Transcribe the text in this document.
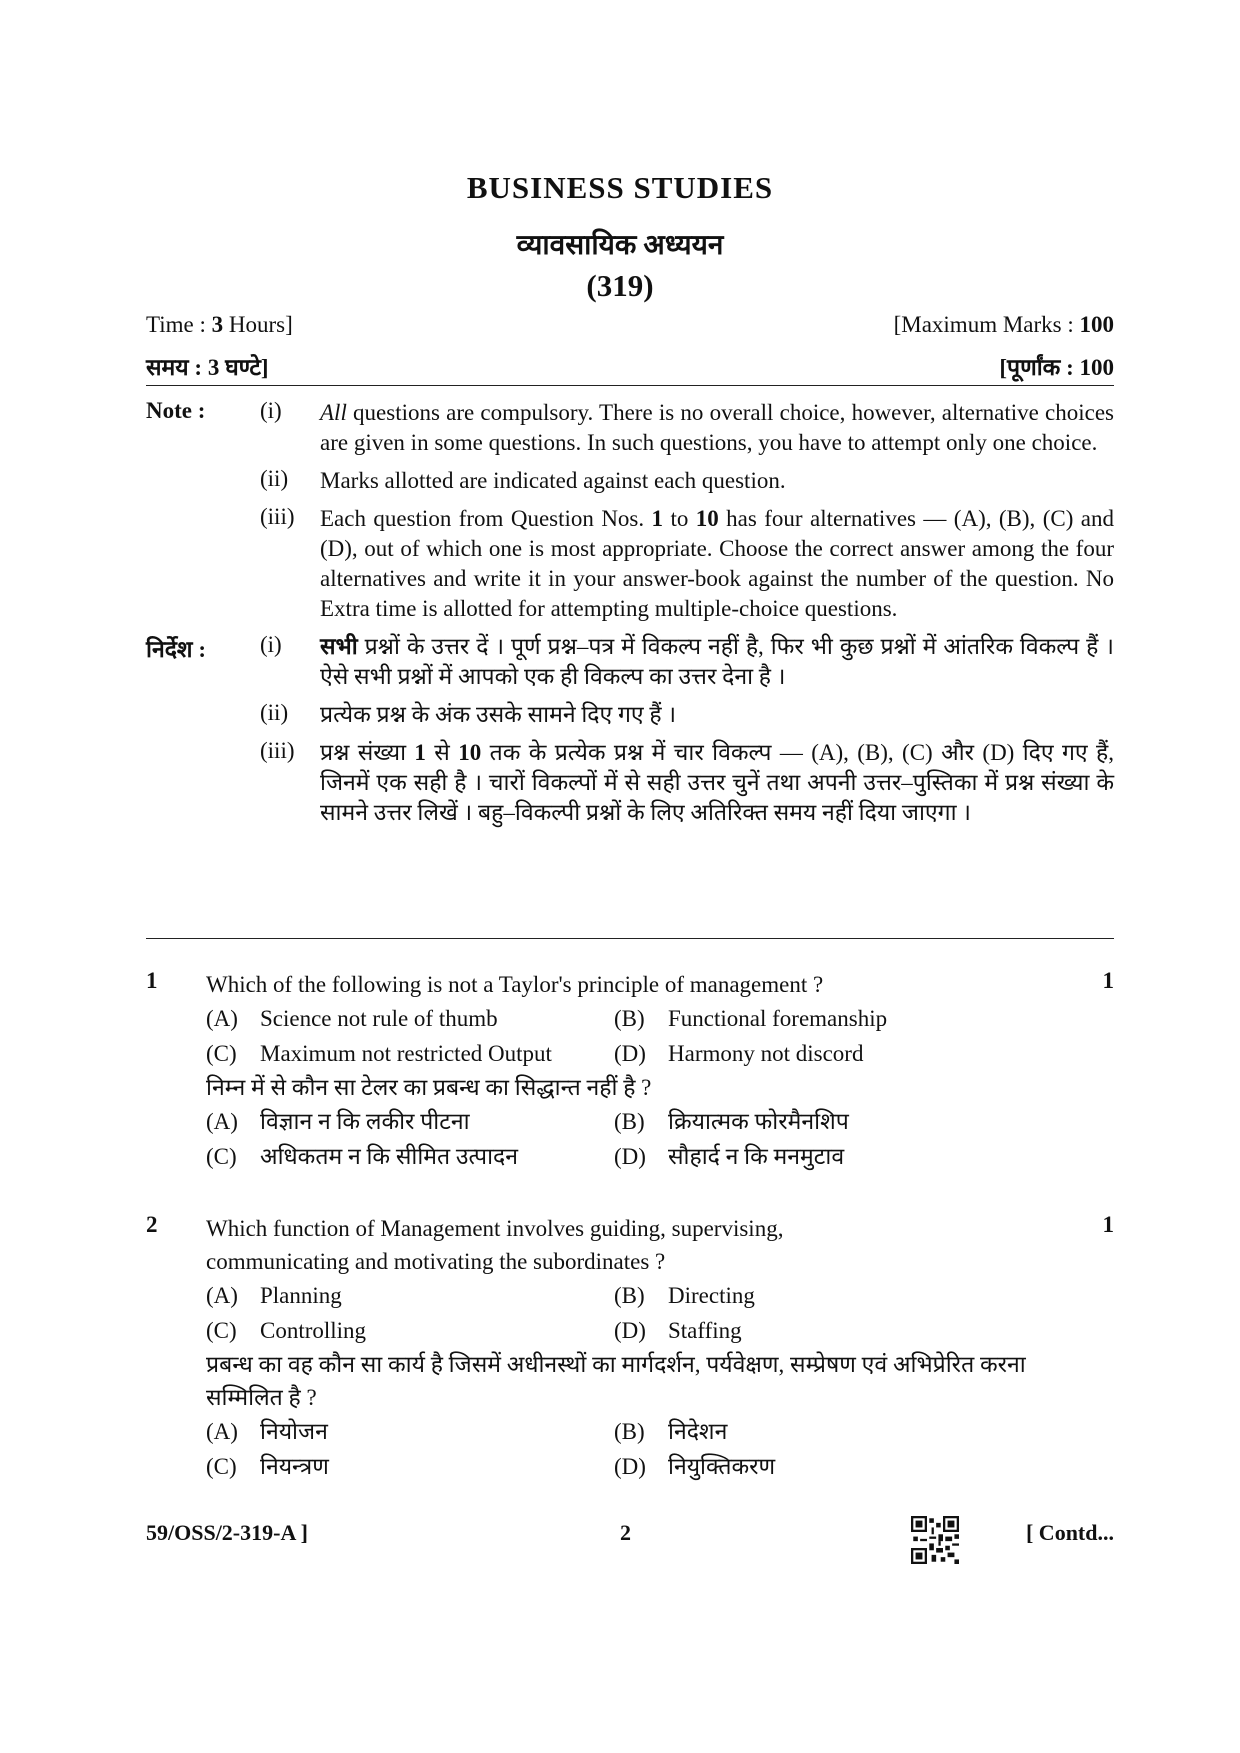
BUSINESS STUDIES
व्यावसायिक अध्ययन
(319)
Time : 3 Hours]	[Maximum Marks : 100
समय : 3 घण्टे]	[पूर्णांक : 100
Note :	(i)	All questions are compulsory. There is no overall choice, however, alternative choices are given in some questions. In such questions, you have to attempt only one choice.
(ii)	Marks allotted are indicated against each question.
(iii)	Each question from Question Nos. 1 to 10 has four alternatives — (A), (B), (C) and (D), out of which one is most appropriate. Choose the correct answer among the four alternatives and write it in your answer-book against the number of the question. No Extra time is allotted for attempting multiple-choice questions.
निर्देश :	(i)	सभी प्रश्नों के उत्तर दें । पूर्ण प्रश्न–पत्र में विकल्प नहीं है, फिर भी कुछ प्रश्नों में आंतरिक विकल्प हैं । ऐसे सभी प्रश्नों में आपको एक ही विकल्प का उत्तर देना है ।
(ii)	प्रत्येक प्रश्न के अंक उसके सामने दिए गए हैं ।
(iii)	प्रश्न संख्या 1 से 10 तक के प्रत्येक प्रश्न में चार विकल्प — (A), (B), (C) और (D) दिए गए हैं, जिनमें एक सही है । चारों विकल्पों में से सही उत्तर चुनें तथा अपनी उत्तर–पुस्तिका में प्रश्न संख्या के सामने उत्तर लिखें । बहु–विकल्पी प्रश्नों के लिए अतिरिक्त समय नहीं दिया जाएगा ।
1	Which of the following is not a Taylor's principle of management ?	1
(A) Science not rule of thumb	(B) Functional foremanship
(C) Maximum not restricted Output	(D) Harmony not discord
निम्न में से कौन सा टेलर का प्रबन्ध का सिद्धान्त नहीं है ?
(A) विज्ञान न कि लकीर पीटना	(B) क्रियात्मक फोरमैनशिप
(C) अधिकतम न कि सीमित उत्पादन	(D) सौहार्द न कि मनमुटाव
2	Which function of Management involves guiding, supervising, communicating and motivating the subordinates ?
1
(A) Planning	(B) Directing
(C) Controlling	(D) Staffing
प्रबन्ध का वह कौन सा कार्य है जिसमें अधीनस्थों का मार्गदर्शन, पर्यवेक्षण, सम्प्रेषण एवं अभिप्रेरित करना सम्मिलित है ?
(A) नियोजन	(B) निदेशन
(C) नियन्त्रण	(D) नियुक्तिकरण
59/OSS/2-319-A ]	2	[ Contd...
